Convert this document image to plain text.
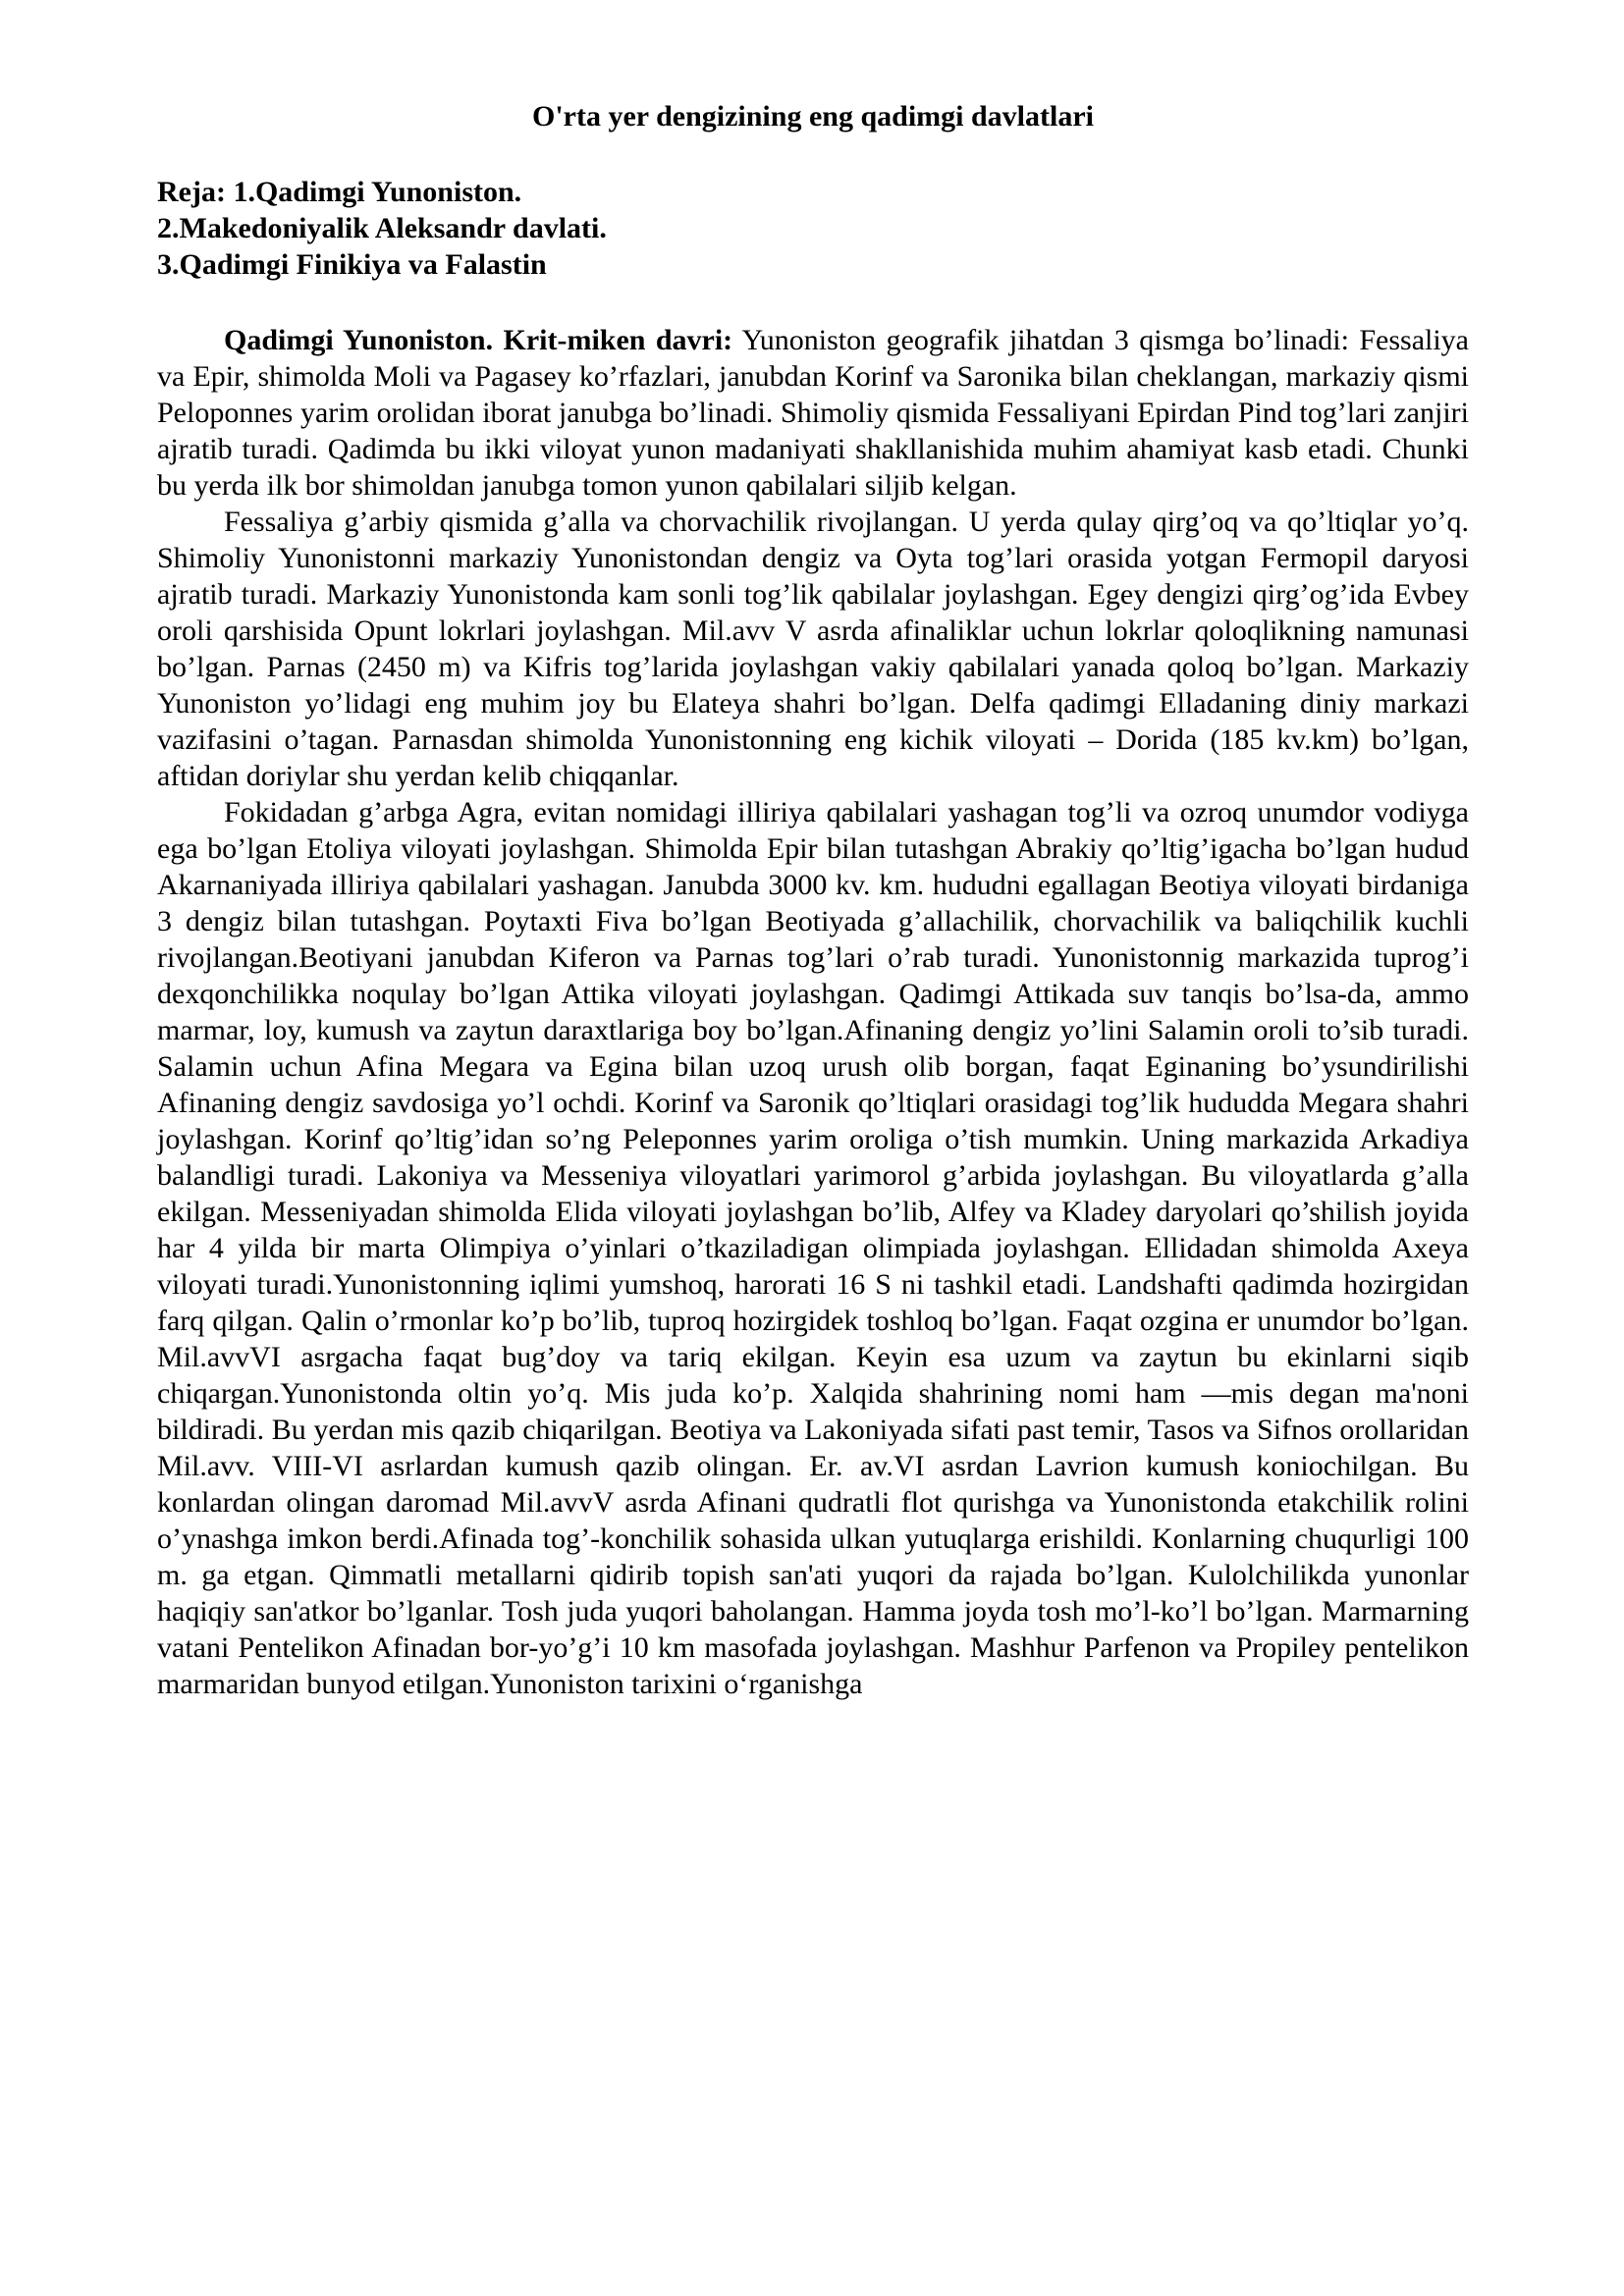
O'rta yer dengizining eng qadimgi davlatlari

Reja: 1.Qadimgi Yunoniston.

2.Makedoniyalik Aleksandr davlati.

3.Qadimgi Finikiya va Falastin

Qadimgi Yunoniston. Krit-miken davri: Yunoniston geografik jihatdan 3 qismga bo’linadi: Fessaliya va Epir, shimolda Moli va Pagasey ko’rfazlari, janubdan Korinf va Saronika bilan cheklangan, markaziy qismi Peloponnes yarim orolidan iborat janubga bo’linadi. Shimoliy qismida Fessaliyani Epirdan Pind tog’lari zanjiri ajratib turadi. Qadimda bu ikki viloyat yunon madaniyati shakllanishida muhim ahamiyat kasb etadi. Chunki bu yerda ilk bor shimoldan janubga tomon yunon qabilalari siljib kelgan.

Fessaliya g’arbiy qismida g’alla va chorvachilik rivojlangan. U yerda qulay qirg’oq va qo’ltiqlar yo’q. Shimoliy Yunonistonni markaziy Yunonistondan dengiz va Oyta tog’lari orasida yotgan Fermopil daryosi ajratib turadi. Markaziy Yunonistonda kam sonli tog’lik qabilalar joylashgan. Egey dengizi qirg’og’ida Evbey oroli qarshisida Opunt lokrlari joylashgan. Mil.avv V asrda afinaliklar uchun lokrlar qoloqlikning namunasi bo’lgan. Parnas (2450 m) va Kifris tog’larida joylashgan vakiy qabilalari yanada qoloq bo’lgan. Markaziy Yunoniston yo’lidagi eng muhim joy bu Elateya shahri bo’lgan. Delfa qadimgi Elladaning diniy markazi vazifasini o’tagan. Parnasdan shimolda Yunonistonning eng kichik viloyati – Dorida (185 kv.km) bo’lgan, aftidan doriylar shu yerdan kelib chiqqanlar.

Fokidadan g’arbga Agra, evitan nomidagi illiriya qabilalari yashagan tog’li va ozroq unumdor vodiyga ega bo’lgan Etoliya viloyati joylashgan. Shimolda Epir bilan tutashgan Abrakiy qo’ltig’igacha bo’lgan hudud Akarnaniyada illiriya qabilalari yashagan. Janubda 3000 kv. km. hududni egallagan Beotiya viloyati birdaniga 3 dengiz bilan tutashgan. Poytaxti Fiva bo’lgan Beotiyada g’allachilik, chorvachilik va baliqchilik kuchli rivojlangan.Beotiyani janubdan Kiferon va Parnas tog’lari o’rab turadi. Yunonistonnig markazida tuprog’i dexqonchilikka noqulay bo’lgan Attika viloyati joylashgan. Qadimgi Attikada suv tanqis bo’lsa-da, ammo marmar, loy, kumush va zaytun daraxtlariga boy bo’lgan.Afinaning dengiz yo’lini Salamin oroli to’sib turadi. Salamin uchun Afina Megara va Egina bilan uzoq urush olib borgan, faqat Eginaning bo’ysundirilishi Afinaning dengiz savdosiga yo’l ochdi. Korinf va Saronik qo’ltiqlari orasidagi tog’lik hududda Megara shahri joylashgan. Korinf qo’ltig’idan so’ng Peleponnes yarim oroliga o’tish mumkin. Uning markazida Arkadiya balandligi turadi. Lakoniya va Messeniya viloyatlari yarimorol g’arbida joylashgan. Bu viloyatlarda g’alla ekilgan. Messeniyadan shimolda Elida viloyati joylashgan bo’lib, Alfey va Kladey daryolari qo’shilish joyida har 4 yilda bir marta Olimpiya o’yinlari o’tkaziladigan olimpiada joylashgan. Ellidadan shimolda Axeya viloyati turadi.Yunonistonning iqlimi yumshoq, harorati 16 S ni tashkil etadi. Landshafti qadimda hozirgidan farq qilgan. Qalin o’rmonlar ko’p bo’lib, tuproq hozirgidek toshloq bo’lgan. Faqat ozgina er unumdor bo’lgan. Mil.avvVI asrgacha faqat bug’doy va tariq ekilgan. Keyin esa uzum va zaytun bu ekinlarni siqib chiqargan.Yunonistonda oltin yo’q. Mis juda ko’p. Xalqida shahrining nomi ham —mis degan ma'noni bildiradi. Bu yerdan mis qazib chiqarilgan. Beotiya va Lakoniyada sifati past temir, Tasos va Sifnos orollaridan Mil.avv. VIII-VI asrlardan kumush qazib olingan. Er. av.VI asrdan Lavrion kumush koniochilgan. Bu konlardan olingan daromad Mil.avvV asrda Afinani qudratli flot qurishga va Yunonistonda etakchilik rolini o’ynashga imkon berdi.Afinada tog’-konchilik sohasida ulkan yutuqlarga erishildi. Konlarning chuqurligi 100 m. ga etgan. Qimmatli metallarni qidirib topish san'ati yuqori da rajada bo’lgan. Kulolchilikda yunonlar haqiqiy san'atkor bo’lganlar. Tosh juda yuqori baholangan. Hamma joyda tosh mo’l-ko’l bo’lgan. Marmarning vatani Pentelikon Afinadan bor-yo’g’i 10 km masofada joylashgan. Mashhur Parfenon va Propiley pentelikon marmaridan bunyod etilgan.Yunoniston tarixini oʻrganishga
